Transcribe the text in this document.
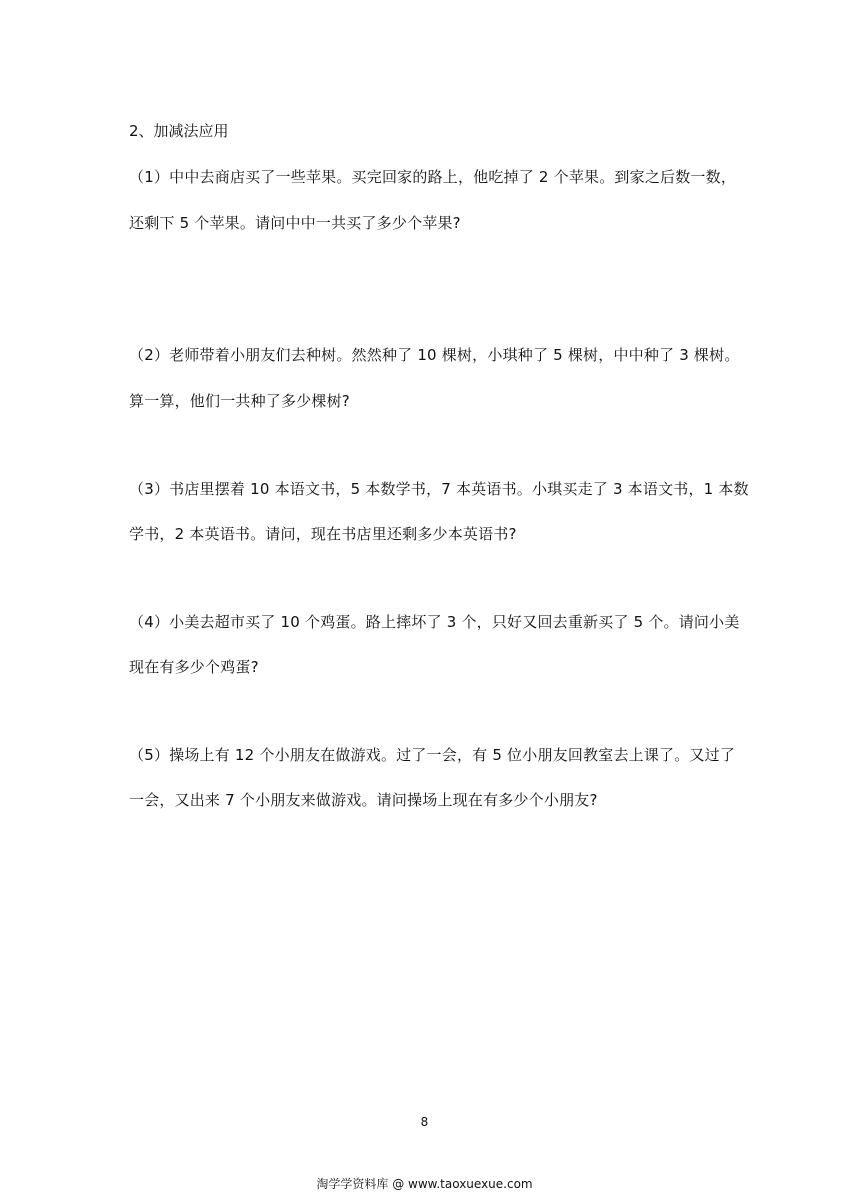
2、加减法应用
（1）中中去商店买了一些苹果。买完回家的路上，他吃掉了 2 个苹果。到家之后数一数，
还剩下 5 个苹果。请问中中一共买了多少个苹果?
（2）老师带着小朋友们去种树。然然种了 10 棵树，小琪种了 5 棵树，中中种了 3 棵树。
算一算，他们一共种了多少棵树?
（3）书店里摆着 10 本语文书，5 本数学书，7 本英语书。小琪买走了 3 本语文书，1 本数
学书，2 本英语书。请问，现在书店里还剩多少本英语书?
（4）小美去超市买了 10 个鸡蛋。路上摔坏了 3 个，只好又回去重新买了 5 个。请问小美
现在有多少个鸡蛋?
（5）操场上有 12 个小朋友在做游戏。过了一会，有 5 位小朋友回教室去上课了。又过了
一会，又出来 7 个小朋友来做游戏。请问操场上现在有多少个小朋友?
8
淘学学资料库 @ www.taoxuexue.com
